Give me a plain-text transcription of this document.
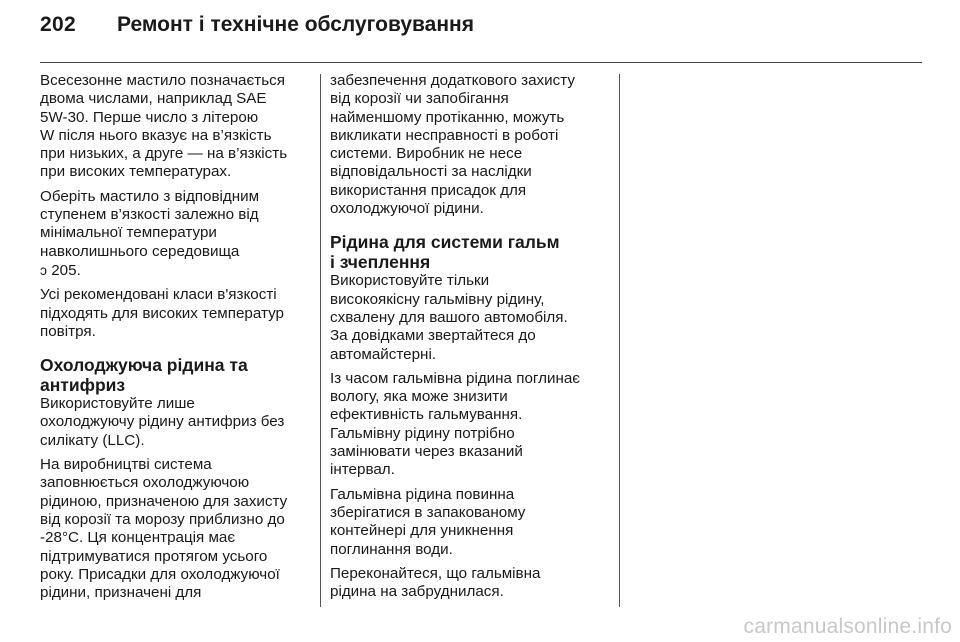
202 Ремонт і технічне обслуговування
Всесезонне мастило позначається
двома числами, наприклад SAE
5W-30. Перше число з літерою
W після нього вказує на в’язкість
при низьких, а друге — на в’язкість
при високих температурах.
Оберіть мастило з відповідним
ступенем в’язкості залежно від
мінімальної температури
навколишнього середовища
ↄ 205.
Усі рекомендовані класи в'язкості
підходять для високих температур
повітря.
Охолоджуюча рідина та
антифриз
Використовуйте лише
охолоджуючу рідину антифриз без
силікату (LLC).
На виробництві система
заповнюється охолоджуючою
рідиною, призначеною для захисту
від корозії та морозу приблизно до
-28°C. Ця концентрація має
підтримуватися протягом усього
року. Присадки для охолоджуючої
рідини, призначені для
забезпечення додаткового захисту
від корозії чи запобігання
найменшому протіканню, можуть
викликати несправності в роботі
системи. Виробник не несе
відповідальності за наслідки
використання присадок для
охолоджуючої рідини.
Рідина для системи гальм
і зчеплення
Використовуйте тільки
високоякісну гальмівну рідину,
схвалену для вашого автомобіля.
За довідками звертайтеся до
автомайстерні.
Із часом гальмівна рідина поглинає
вологу, яка може знизити
ефективність гальмування.
Гальмівну рідину потрібно
замінювати через вказаний
інтервал.
Гальмівна рідина повинна
зберігатися в запакованому
контейнері для уникнення
поглинання води.
Переконайтеся, що гальмівна
рідина на забруднилася.
carmanualsonline.info
